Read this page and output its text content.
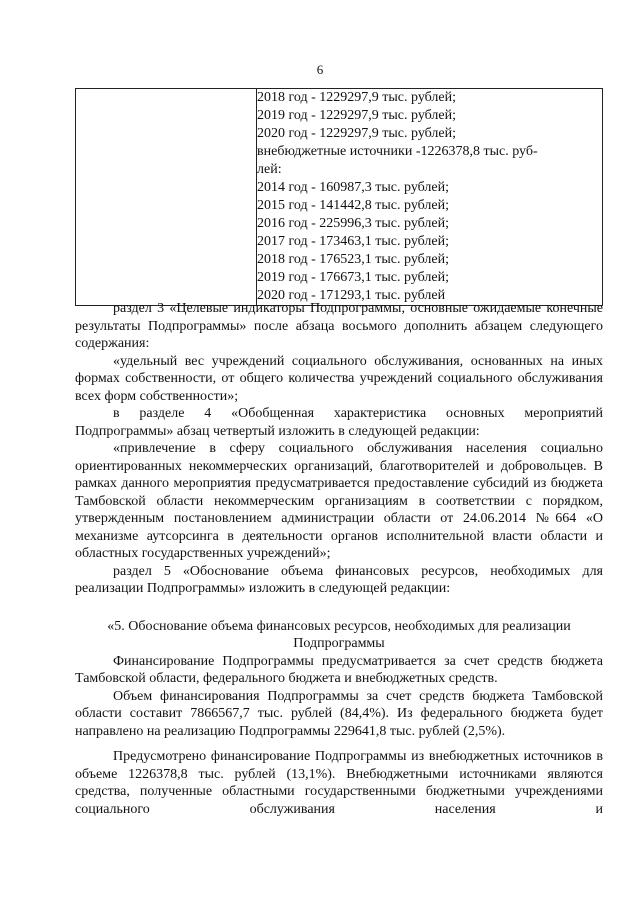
6

2018 год - 1229297,9 тыс. рублей;
2019 год - 1229297,9 тыс. рублей;
2020 год - 1229297,9 тыс. рублей;
внебюджетные источники -1226378,8 тыс. руб-
лей:
2014 год - 160987,3 тыс. рублей;
2015 год - 141442,8 тыс. рублей;
2016 год - 225996,3 тыс. рублей;
2017 год - 173463,1 тыс. рублей;
2018 год - 176523,1 тыс. рублей;
2019 год - 176673,1 тыс. рублей;
2020 год - 171293,1 тыс. рублей

раздел 3 «Целевые индикаторы Подпрограммы, основные ожидаемые конечные результаты Подпрограммы» после абзаца восьмого дополнить абзацем следующего содержания:

«удельный вес учреждений социального обслуживания, основанных на иных формах собственности, от общего количества учреждений социального обслуживания всех форм собственности»;

в разделе 4 «Обобщенная характеристика основных мероприятий Подпрограммы» абзац четвертый изложить в следующей редакции:

«привлечение в сферу социального обслуживания населения социально ориентированных некоммерческих организаций, благотворителей и добровольцев. В рамках данного мероприятия предусматривается предоставление субсидий из бюджета Тамбовской области некоммерческим организациям в соответствии с порядком, утвержденным постановлением администрации области от 24.06.2014 №664 «О механизме аутсорсинга в деятельности органов исполнительной власти области и областных государственных учреждений»;

раздел 5 «Обоснование объема финансовых ресурсов, необходимых для реализации Подпрограммы» изложить в следующей редакции:

«5. Обоснование объема финансовых ресурсов, необходимых для реализации
Подпрограммы

Финансирование Подпрограммы предусматривается за счет средств бюджета Тамбовской области, федерального бюджета и внебюджетных средств.

Объем финансирования Подпрограммы за счет средств бюджета Тамбовской области составит 7866567,7 тыс. рублей (84,4%). Из федерального бюджета будет направлено на реализацию Подпрограммы 229641,8 тыс. рублей (2,5%).

Предусмотрено финансирование Подпрограммы из внебюджетных источников в объеме 1226378,8 тыс. рублей (13,1%). Внебюджетными источниками являются средства, полученные областными государственными бюджетными учреждениями социального обслуживания населения и
